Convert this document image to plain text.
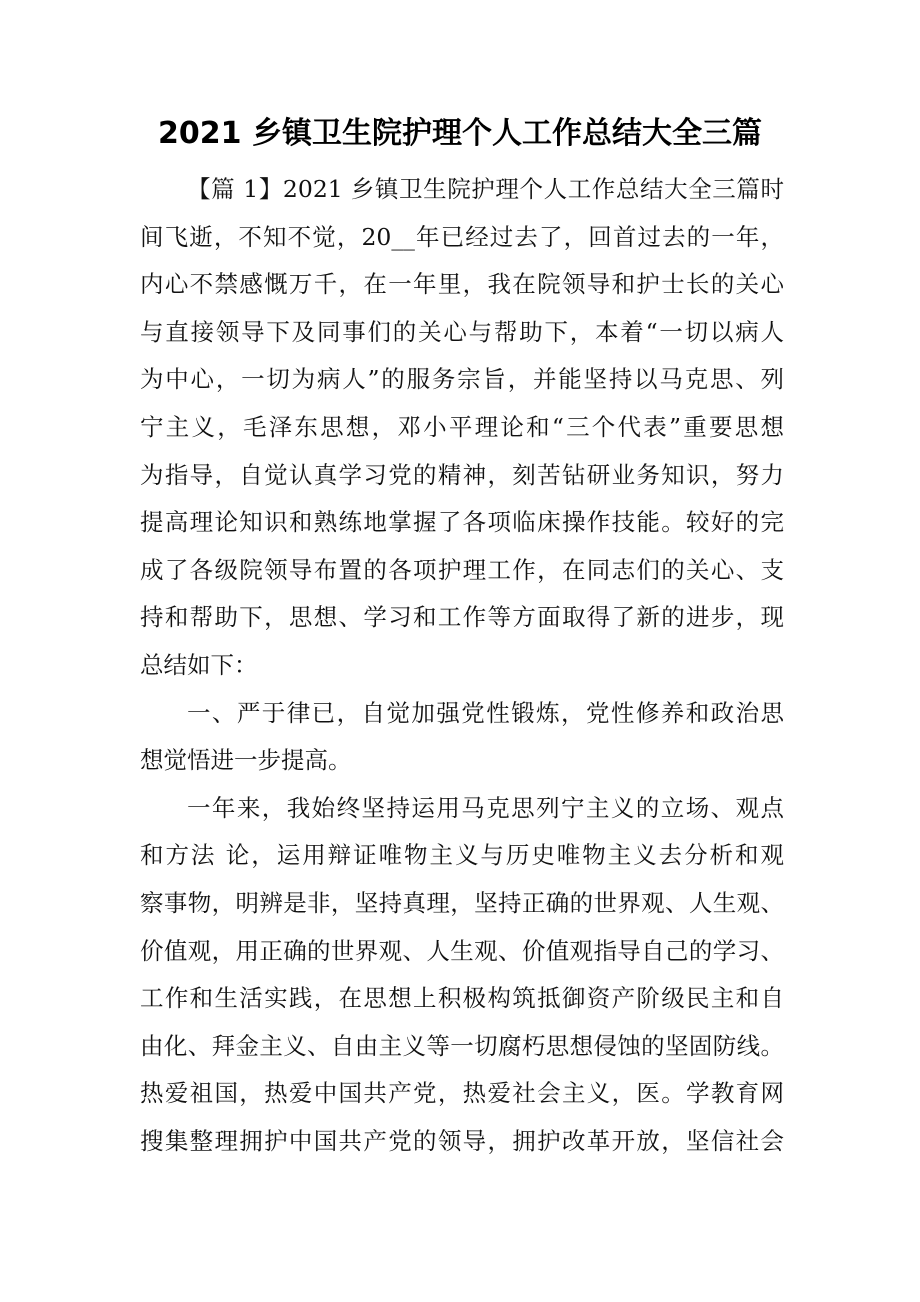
2021 乡镇卫生院护理个人工作总结大全三篇

【篇 1】2021 乡镇卫生院护理个人工作总结大全三篇时
间飞逝，不知不觉，20__年已经过去了，回首过去的一年，
内心不禁感慨万千，在一年里，我在院领导和护士长的关心
与直接领导下及同事们的关心与帮助下，本着“一切以病人
为中心，一切为病人”的服务宗旨，并能坚持以马克思、列
宁主义，毛泽东思想，邓小平理论和“三个代表”重要思想
为指导，自觉认真学习党的精神，刻苦钻研业务知识，努力
提高理论知识和熟练地掌握了各项临床操作技能。较好的完
成了各级院领导布置的各项护理工作，在同志们的关心、支
持和帮助下，思想、学习和工作等方面取得了新的进步，现
总结如下：

一、严于律已，自觉加强党性锻炼，党性修养和政治思
想觉悟进一步提高。

一年来，我始终坚持运用马克思列宁主义的立场、观点
和方法 论，运用辩证唯物主义与历史唯物主义去分析和观
察事物，明辨是非，坚持真理，坚持正确的世界观、人生观、
价值观，用正确的世界观、人生观、价值观指导自己的学习、
工作和生活实践，在思想上积极构筑抵御资产阶级民主和自
由化、拜金主义、自由主义等一切腐朽思想侵蚀的坚固防线。
热爱祖国，热爱中国共产党，热爱社会主义，医。学教育网
搜集整理拥护中国共产党的领导，拥护改革开放，坚信社会
